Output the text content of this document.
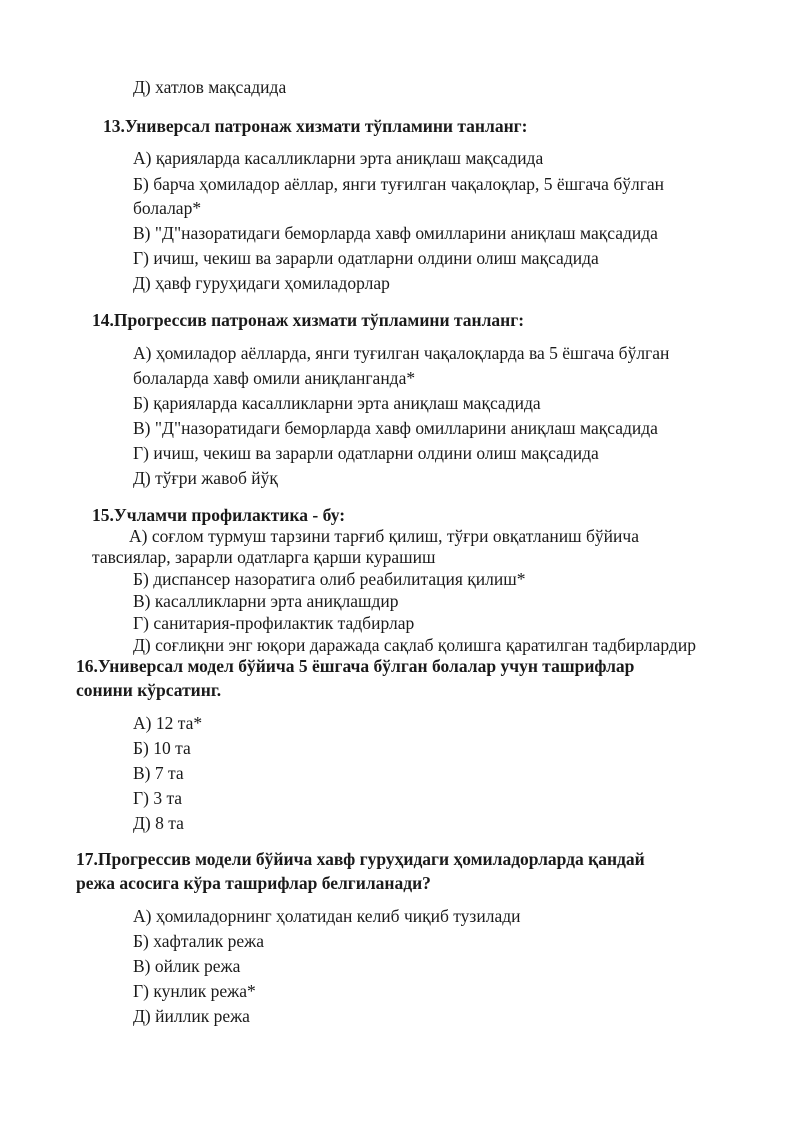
Д) хатлов мақсадида
13.Универсал патронаж хизмати тўпламини танланг:
А) қарияларда касалликларни эрта аниқлаш мақсадида
Б) барча ҳомиладор аёллар, янги туғилган чақалоқлар, 5 ёшгача бўлган
болалар*
В) "Д"назоратидаги беморларда хавф омилларини аниқлаш мақсадида
Г) ичиш, чекиш ва зарарли одатларни олдини олиш мақсадида
Д) ҳавф гуруҳидаги ҳомиладорлар
14.Прогрессив патронаж хизмати тўпламини танланг:
А) ҳомиладор аёлларда, янги туғилган чақалоқларда ва 5 ёшгача бўлган
болаларда хавф омили аниқланганда*
Б) қарияларда касалликларни эрта аниқлаш мақсадида
В) "Д"назоратидаги беморларда хавф омилларини аниқлаш мақсадида
Г) ичиш, чекиш ва зарарли одатларни олдини олиш мақсадида
Д) тўғри жавоб йўқ
15.Учламчи профилактика - бу:
А) соғлом турмуш тарзини тарғиб қилиш, тўғри овқатланиш бўйича
тавсиялар, зарарли одатларга қарши курашиш
Б) диспансер назоратига олиб реабилитация қилиш*
В) касалликларни эрта аниқлашдир
Г) санитария-профилактик тадбирлар
Д) соғлиқни энг юқори даражада сақлаб қолишга қаратилган тадбирлардир
16.Универсал модел бўйича 5 ёшгача бўлган болалар учун ташрифлар
сонини кўрсатинг.
А) 12 та*
Б) 10 та
В) 7 та
Г) 3 та
Д) 8 та
17.Прогрессив модели бўйича хавф гуруҳидаги ҳомиладорларда қандай
режа асосига кўра ташрифлар белгиланади?
А) ҳомиладорнинг ҳолатидан келиб чиқиб тузилади
Б) хафталик режа
В) ойлик режа
Г) кунлик режа*
Д) йиллик режа
